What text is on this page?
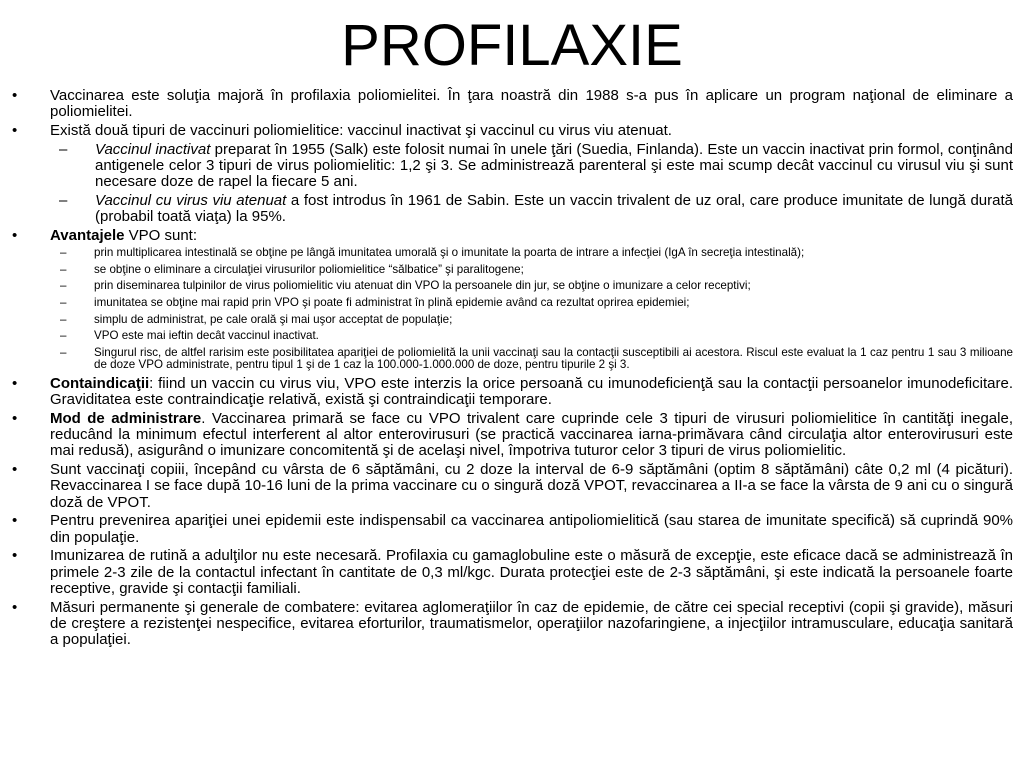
PROFILAXIE
• Vaccinarea este soluţia majoră în profilaxia poliomielitei. În ţara noastră din 1988 s-a pus în aplicare un program naţional de eliminare a poliomielitei.
• Există două tipuri de vaccinuri poliomielitice: vaccinul inactivat şi vaccinul cu virus viu atenuat.
– Vaccinul inactivat preparat în 1955 (Salk) este folosit numai în unele ţări (Suedia, Finlanda). Este un vaccin inactivat prin formol, conţinând antigenele celor 3 tipuri de virus poliomielitic: 1,2 şi 3. Se administrează parenteral şi este mai scump decât vaccinul cu virusul viu şi sunt necesare doze de rapel la fiecare 5 ani.
– Vaccinul cu virus viu atenuat a fost introdus în 1961 de Sabin. Este un vaccin trivalent de uz oral, care produce imunitate de lungă durată (probabil toată viaţa) la 95%.
• Avantajele VPO sunt:
– prin multiplicarea intestinală se obţine pe lângă imunitatea umorală şi o imunitate la poarta de intrare a infecţiei (IgA în secreţia intestinală);
– se obţine o eliminare a circulaţiei virusurilor poliomielitice “sălbatice” şi paralitogene;
– prin diseminarea tulpinilor de virus poliomielitic viu atenuat din VPO la persoanele din jur, se obţine o imunizare a celor receptivi;
– imunitatea se obţine mai rapid prin VPO şi poate fi administrat în plină epidemie având ca rezultat oprirea epidemiei;
– simplu de administrat, pe cale orală şi mai uşor acceptat de populaţie;
– VPO este mai ieftin decât vaccinul inactivat.
– Singurul risc, de altfel rarisim este posibilitatea apariţiei de poliomielită la unii vaccinaţi sau la contacţii susceptibili ai acestora. Riscul este evaluat la 1 caz pentru 1 sau 3 milioane de doze VPO administrate, pentru tipul 1 şi de 1 caz la 100.000-1.000.000 de doze, pentru tipurile 2 şi 3.
• Containdicaţii: fiind un vaccin cu virus viu, VPO este interzis la orice persoană cu imunodeficienţă sau la contacţii persoanelor imunodeficitare. Graviditatea este contraindicaţie relativă, există şi contraindicaţii temporare.
• Mod de administrare. Vaccinarea primară se face cu VPO trivalent care cuprinde cele 3 tipuri de virusuri poliomielitice în cantităţi inegale, reducând la minimum efectul interferent al altor enterovirusuri (se practică vaccinarea iarna-primăvara când circulaţia altor enterovirusuri este mai redusă), asigurând o imunizare concomitentă şi de acelaşi nivel, împotriva tuturor celor 3 tipuri de virus poliomielitic.
• Sunt vaccinaţi copiii, începând cu vârsta de 6 săptămâni, cu 2 doze la interval de 6-9 săptămâni (optim 8 săptămâni) câte 0,2 ml (4 picături). Revaccinarea I se face după 10-16 luni de la prima vaccinare cu o singură doză VPOT, revaccinarea a II-a se face la vârsta de 9 ani cu o singură doză de VPOT.
• Pentru prevenirea apariţiei unei epidemii este indispensabil ca vaccinarea antipoliomielitică (sau starea de imunitate specifică) să cuprindă 90% din populaţie.
• Imunizarea de rutină a adulţilor nu este necesară. Profilaxia cu gamaglobuline este o măsură de excepţie, este eficace dacă se administrează în primele 2-3 zile de la contactul infectant în cantitate de 0,3 ml/kgc. Durata protecţiei este de 2-3 săptămâni, şi este indicată la persoanele foarte receptive, gravide şi contacţii familiali.
• Măsuri permanente şi generale de combatere: evitarea aglomeraţiilor în caz de epidemie, de către cei special receptivi (copii şi gravide), măsuri de creştere a rezistenţei nespecifice, evitarea eforturilor, traumatismelor, operaţiilor nazofaringiene, a injecţiilor intramusculare, educaţia sanitară a populaţiei.
